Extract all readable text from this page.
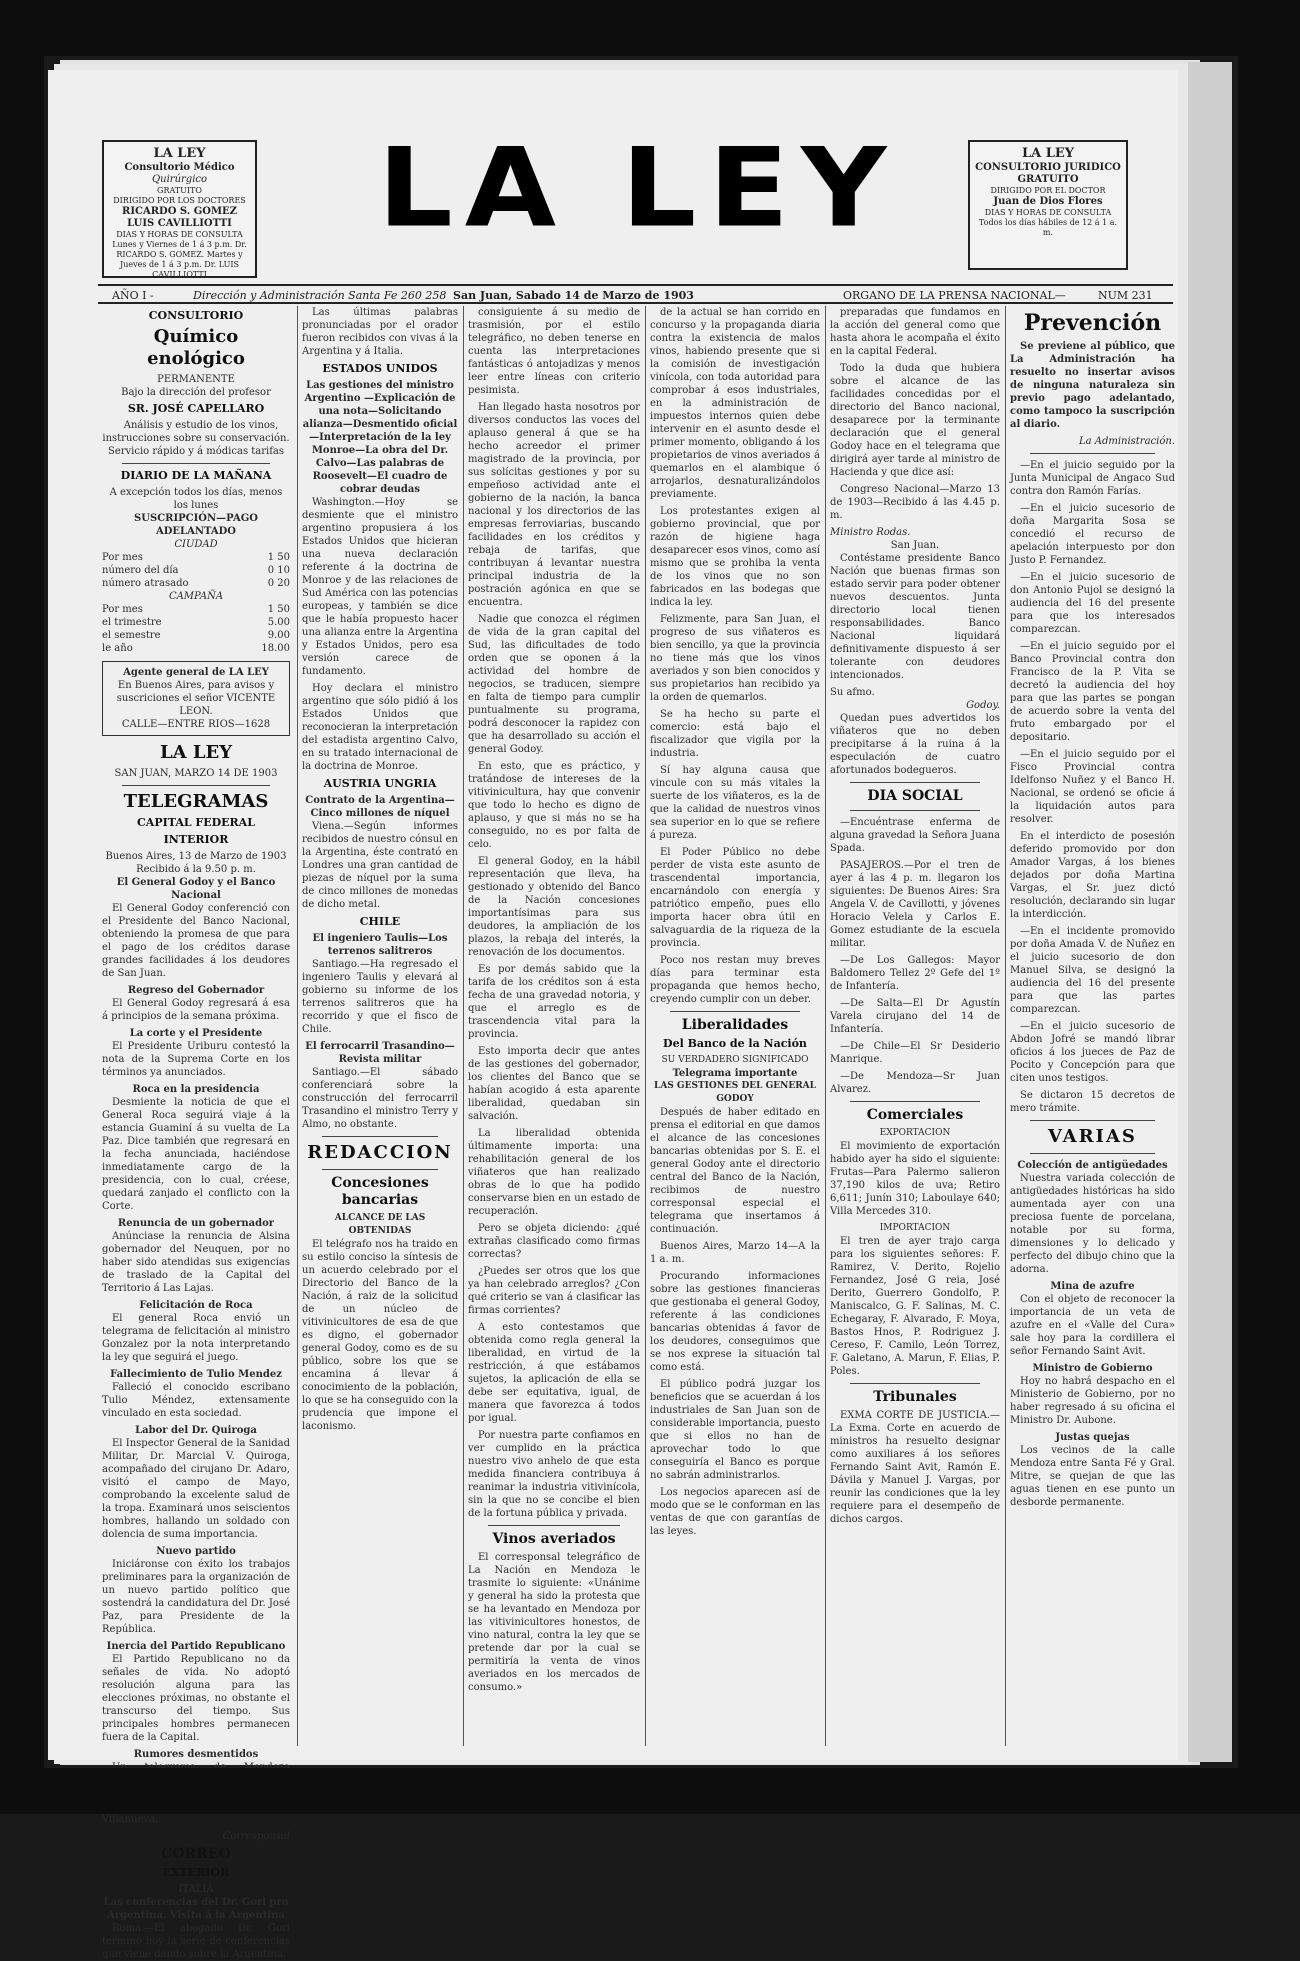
LA LEY
Consultorio Médico
Quirúrgico
GRATUITO
DIRIGIDO POR LOS DOCTORES
RICARDO S. GOMEZ
LUIS CAVILLIOTTI
DIAS Y HORAS DE CONSULTA
Lunes y Viernes de 1 á 3 p.m. Dr. RICARDO S. GOMEZ. Martes y Jueves de 1 á 3 p.m. Dr. LUIS CAVILLIOTTI
LA LEY	LA LEY
CONSULTORIO JURIDICO
GRATUITO
DIRIGIDO POR EL DOCTOR
Juan de Dios Flores
DIAS Y HORAS DE CONSULTA
Todos los días hábiles de 12 á 1 a. m.
AÑO I -	Dirección y Administración Santa Fe 260 258 San Juan, Sabado 14 de Marzo de 1903	ORGANO DE LA PRENSA NACIONAL—	NUM 231
CONSULTORIO
Químico enológico
PERMANENTE
Bajo la dirección del profesor
SR. JOSÉ CAPELLARO
Análisis y estudio de los vinos, instrucciones sobre su conservación. Servicio rápido y á módicas tarifas
DIARIO DE LA MAÑANA
A excepción todos los días, menos los lunes
SUSCRIPCIÓN—PAGO ADELANTADO
CIUDAD
Por mes	1 50
número del día	0 10
número atrasado	0 20
CAMPAÑA
Por mes	1 50
el trimestre	5.00
el semestre	9.00
le año	18.00
Agente general de LA LEY
En Buenos Aires, para avisos y suscriciones el señor VICENTE LEON.
CALLE—ENTRE RIOS—1628
LA LEY
SAN JUAN, MARZO 14 DE 1903
TELEGRAMAS
CAPITAL FEDERAL
INTERIOR
Buenos Aires, 13 de Marzo de 1903 Recibido á la 9.50 p. m.
El General Godoy y el Banco Nacional
El General Godoy conferenció con el Presidente del Banco Nacional, obteniendo la promesa de que para el pago de los créditos darase grandes facilidades á los deudores de San Juan.
Regreso del Gobernador
El General Godoy regresará á esa á principios de la semana próxima.
La corte y el Presidente
El Presidente Uriburu contestó la nota de la Suprema Corte en los términos ya anunciados.
Roca en la presidencia
Desmiente la noticia de que el General Roca seguirá viaje á la estancia Guaminí á su vuelta de La Paz. Dice también que regresará en la fecha anunciada, haciéndose inmediatamente cargo de la presidencia, con lo cual, créese, quedará zanjado el conflicto con la Corte.
Renuncia de un gobernador
Anúnciase la renuncia de Alsina gobernador del Neuquen, por no haber sido atendidas sus exigencias de traslado de la Capital del Territorio á Las Lajas.
Felicitación de Roca
El general Roca envió un telegrama de felicitación al ministro Gonzalez por la nota interpretando la ley que seguirá el juego.
Fallecimiento de Tulio Mendez
Falleció el conocido escribano Tulio Méndez, extensamente vinculado en esta sociedad.
Labor del Dr. Quiroga
El Inspector General de la Sanidad Militar, Dr. Marcial V. Quiroga, acompañado del cirujano Dr. Adaro, visitó el campo de Mayo, comprobando la excelente salud de la tropa. Examinará unos seiscientos hombres, hallando un soldado con dolencia de suma importancia.
Nuevo partido
Iniciáronse con éxito los trabajos preliminares para la organización de un nuevo partido político que sostendrá la candidatura del Dr. José Paz, para Presidente de la República.
Inercia del Partido Republicano
El Partido Republicano no da señales de vida. No adoptó resolución alguna para las elecciones próximas, no obstante el transcurso del tiempo. Sus principales hombres permanecen fuera de la Capital.
Rumores desmentidos
Villanueva.
Corresponsal
CORREO
EXTERIOR
ITALIA
Las conferencias del Dr. Gori pro Argentina. Visita á la Argentina
Roma.—El abogado Dr. Gori terminó hoy la serie de conferencias que viene dando sobre la Argentina.
Las últimas palabras pronunciadas por el orador fueron recibidos con vivas á la Argentina y á Italia.
ESTADOS UNIDOS
Las gestiones del ministro Argentino —Explicación de una nota—Solicitando alianza—Desmentido oficial—Interpretación de la ley Monroe—La obra del Dr. Calvo—Las palabras de Roosevelt—El cuadro de cobrar deudas
Washington.—Hoy se desmiente que el ministro argentino propusiera á los Estados Unidos que hicieran una nueva declaración referente á la doctrina de Monroe y de las relaciones de Sud América con las potencias europeas, y también se dice que le había propuesto hacer una alianza entre la Argentina y Estados Unidos, pero esa versión carece de fundamento.
Hoy declara el ministro argentino que sólo pidió á los Estados Unidos que reconocieran la interpretación del estadista argentino Calvo, en su tratado internacional de la doctrina de Monroe.
AUSTRIA UNGRIA
Contrato de la Argentina—Cinco millones de níquel
Viena.—Según informes recibidos de nuestro cónsul en la Argentina, éste contrató en Londres una gran cantidad de piezas de níquel por la suma de cinco millones de monedas de dicho metal.
CHILE
El ingeniero Taulis—Los terrenos salitreros
Santiago.—Ha regresado el ingeniero Taulis y elevará al gobierno su informe de los terrenos salitreros que ha recorrido y que el fisco de Chile.
El ferrocarril Trasandino—Revista militar
Santiago.—El sábado conferenciará sobre la construcción del ferrocarril Trasandino el ministro Terry y Almo, no obstante.
REDACCION
Concesiones bancarias
ALCANCE DE LAS OBTENIDAS
El telégrafo nos ha traido en su estilo conciso la síntesis de un acuerdo celebrado por el Directorio del Banco de la Nación, á raiz de la solicitud de un núcleo de vitivinicultores de esa de que es digno, el gobernador general Godoy, como es de su público, sobre los que se encamina á llevar á conocimiento de la población, lo que se ha conseguido con la prudencia que impone el laconismo.
consiguiente á su medio de trasmisión, por el estilo telegráfico, no deben tenerse en cuenta las interpretaciones fantásticas ó antojadizas y menos leer entre líneas con criterio pesimista.
Han llegado hasta nosotros por diversos conductos las voces del aplauso general á que se ha hecho acreedor el primer magistrado de la provincia, por sus solícitas gestiones y por su empeñoso actividad ante el gobierno de la nación, la banca nacional y los directorios de las empresas ferroviarias, buscando facilidades en los créditos y rebaja de tarifas, que contribuyan á levantar nuestra principal industria de la postración agónica en que se encuentra.
Nadie que conozca el régimen de vida de la gran capital del Sud, las dificultades de todo orden que se oponen á la actividad del hombre de negocios, se traducen, siempre en falta de tiempo para cumplir puntualmente su programa, podrá desconocer la rapidez con que ha desarrollado su acción el general Godoy.
En esto, que es práctico, y tratándose de intereses de la vitivinicultura, hay que convenir que todo lo hecho es digno de aplauso, y que si más no se ha conseguido, no es por falta de celo.
El general Godoy, en la hábil representación que lleva, ha gestionado y obtenido del Banco de la Nación concesiones importantísimas para sus deudores, la ampliación de los plazos, la rebaja del interés, la renovación de los documentos.
Es por demás sabido que la tarifa de los créditos son á esta fecha de una gravedad notoria, y que el arreglo es de trascendencia vital para la provincia.
Esto importa decir que antes de las gestiones del gobernador, los clientes del Banco que se habían acogido á esta aparente liberalidad, quedaban sin salvación.
La liberalidad obtenida últimamente importa: una rehabilitación general de los viñateros que han realizado obras de lo que ha podido conservarse bien en un estado de recuperación.
Pero se objeta diciendo: ¿qué extrañas clasificado como firmas correctas?
¿Puedes ser otros que los que ya han celebrado arreglos? ¿Con qué criterio se van á clasificar las firmas corrientes?
A esto contestamos que obtenida como regla general la liberalidad, en virtud de la restricción, á que estábamos sujetos, la aplicación de ella se debe ser equitativa, igual, de manera que favorezca á todos por igual.
Por nuestra parte confiamos en ver cumplido en la práctica nuestro vivo anhelo de que esta medida financiera contribuya á reanimar la industria vitivinícola, sin la que no se concibe el bien de la fortuna pública y privada.
Vinos averiados
El corresponsal telegráfico de La Nación en Mendoza le trasmite lo siguiente: «Unánime y general ha sido la protesta que se ha levantado en Mendoza por las vitivinicultores honestos, de vino natural, contra la ley que se pretende dar por la cual se permitiría la venta de vinos averiados en los mercados de consumo.»
de la actual se han corrido en concurso y la propaganda diaria contra la existencia de malos vinos, habiendo presente que si la comisión de investigación vinícola, con toda autoridad para comprobar á esos industriales, en la administración de impuestos internos quien debe intervenir en el asunto desde el primer momento, obligando á los propietarios de vinos averiados á quemarlos en el alambique ó arrojarlos, desnaturalizándolos previamente.
Los protestantes exigen al gobierno provincial, que por razón de higiene haga desaparecer esos vinos, como así mismo que se prohiba la venta de los vinos que no son fabricados en las bodegas que indica la ley.
Felizmente, para San Juan, el progreso de sus viñateros es bien sencillo, ya que la provincia no tiene más que los vinos averiados y son bien conocidos y sus propietarios han recibido ya la orden de quemarlos.
Se ha hecho su parte el comercio: está bajo el fiscalizador que vigila por la industria.
Sí hay alguna causa que vincule con su más vitales la suerte de los viñateros, es la de que la calidad de nuestros vinos sea superior en lo que se refiere á pureza.
El Poder Público no debe perder de vista este asunto de trascendental importancia, encarnándolo con energía y patriótico empeño, pues ello importa hacer obra útil en salvaguardia de la riqueza de la provincia.
Poco nos restan muy breves días para terminar esta propaganda que hemos hecho, creyendo cumplir con un deber.
Liberalidades
Del Banco de la Nación
SU VERDADERO SIGNIFICADO
Telegrama importante
LAS GESTIONES DEL GENERAL GODOY
Después de haber editado en prensa el editorial en que damos el alcance de las concesiones bancarias obtenidas por S. E. el general Godoy ante el directorio central del Banco de la Nación, recibimos de nuestro corresponsal especial el telegrama que insertamos á continuación.
Buenos Aires, Marzo 14—A la 1 a. m.
Procurando informaciones sobre las gestiones financieras que gestionaba el general Godoy, referente á las condiciones bancarias obtenidas á favor de los deudores, conseguimos que se nos exprese la situación tal como está.
El público podrá juzgar los beneficios que se acuerdan á los industriales de San Juan son de considerable importancia, puesto que si ellos no han de aprovechar todo lo que conseguiría el Banco es porque no sabrán administrarlos.
Los negocios aparecen así de modo que se le conforman en las ventas de que con garantías de las leyes.
preparadas que fundamos en la acción del general como que hasta ahora le acompaña el éxito en la capital Federal.
Todo la duda que hubiera sobre el alcance de las facilidades concedidas por el directorio del Banco nacional, desaparece por la terminante declaración que el general Godoy hace en el telegrama que dirigirá ayer tarde al ministro de Hacienda y que dice así:
Congreso Nacional—Marzo 13 de 1903—Recibido á las 4.45 p. m.
Ministro Rodas.
San Juan.
Contéstame presidente Banco Nación que buenas firmas son estado servir para poder obtener nuevos descuentos. Junta directorio local tienen responsabilidades. Banco Nacional liquidará definitivamente dispuesto á ser tolerante con deudores intencionados.
Su afmo.
Godoy.
Quedan pues advertidos los viñateros que no deben precipitarse á la ruina á la especulación de cuatro afortunados bodegueros.
DIA SOCIAL
—Encuéntrase enferma de alguna gravedad la Señora Juana Spada.
PASAJEROS.—Por el tren de ayer á las 4 p. m. llegaron los siguientes: De Buenos Aires: Sra Angela V. de Cavillotti, y jóvenes Horacio Velela y Carlos E. Gomez estudiante de la escuela militar.
—De Los Gallegos: Mayor Baldomero Tellez 2º Gefe del 1º de Infantería.
—De Salta—El Dr Agustín Varela cirujano del 14 de Infantería.
—De Chile—El Sr Desiderio Manrique.
—De Mendoza—Sr Juan Alvarez.
Comerciales
EXPORTACION
El movimiento de exportación habido ayer ha sido el siguiente: Frutas—Para Palermo salieron 37,190 kilos de uva; Retiro 6,611; Junín 310; Laboulaye 640; Villa Mercedes 310.
IMPORTACION
El tren de ayer trajo carga para los siguientes señores: F. Ramirez, V. Derito, Rojelio Fernandez, José G reia, José Derito, Guerrero Gondolfo, P. Maniscalco, G. F. Salinas, M. C. Echegaray, F. Alvarado, F. Moya, Bastos Hnos, P. Rodriguez J. Cereso, F. Camilo, León Torrez, F. Galetano, A. Marun, F. Elias, P. Poles.
Tribunales
EXMA CORTE DE JUSTICIA.—La Exma. Corte en acuerdo de ministros ha resuelto designar como auxiliares á los señores Fernando Saint Avit, Ramón E. Dávila y Manuel J. Vargas, por reunir las condiciones que la ley requiere para el desempeño de dichos cargos.
Prevención
Se previene al público, que La Administración ha resuelto no insertar avisos de ninguna naturaleza sin previo pago adelantado, como tampoco la suscripción al diario.
La Administración.
—En el juicio seguido por la Junta Municipal de Angaco Sud contra don Ramón Farías.
—En el juicio sucesorio de doña Margarita Sosa se concedió el recurso de apelación interpuesto por don Justo P. Fernandez.
—En el juicio sucesorio de don Antonio Pujol se designó la audiencia del 16 del presente para que los interesados comparezcan.
—En el juicio seguido por el Banco Provincial contra don Francisco de la P. Vita se decretó la audiencia del hoy para que las partes se pongan de acuerdo sobre la venta del fruto embargado por el depositario.
—En el juicio seguido por el Fisco Provincial contra Idelfonso Nuñez y el Banco H. Nacional, se ordenó se oficie á la liquidación autos para resolver.
En el interdicto de posesión deferido promovido por don Amador Vargas, á los bienes dejados por doña Martina Vargas, el Sr. juez dictó resolución, declarando sin lugar la interdicción.
—En el incidente promovido por doña Amada V. de Nuñez en el juicio sucesorio de don Manuel Silva, se designó la audiencia del 16 del presente para que las partes comparezcan.
—En el juicio sucesorio de Abdon Jofré se mandó librar oficios á los jueces de Paz de Pocito y Concepción para que citen unos testigos.
Se dictaron 15 decretos de mero trámite.
VARIAS
Colección de antigüedades
Nuestra variada colección de antigüedades históricas ha sido aumentada ayer con una preciosa fuente de porcelana, notable por su forma, dimensiones y lo delicado y perfecto del dibujo chino que la adorna.
Mina de azufre
Con el objeto de reconocer la importancia de un veta de azufre en el «Valle del Cura» sale hoy para la cordillera el señor Fernando Saint Avit.
Ministro de Gobierno
Hoy no habrá despacho en el Ministerio de Gobierno, por no haber regresado á su oficina el Ministro Dr. Aubone.
Justas quejas
Los vecinos de la calle Mendoza entre Santa Fé y Gral. Mitre, se quejan de que las aguas tienen en ese punto un desborde permanente.
